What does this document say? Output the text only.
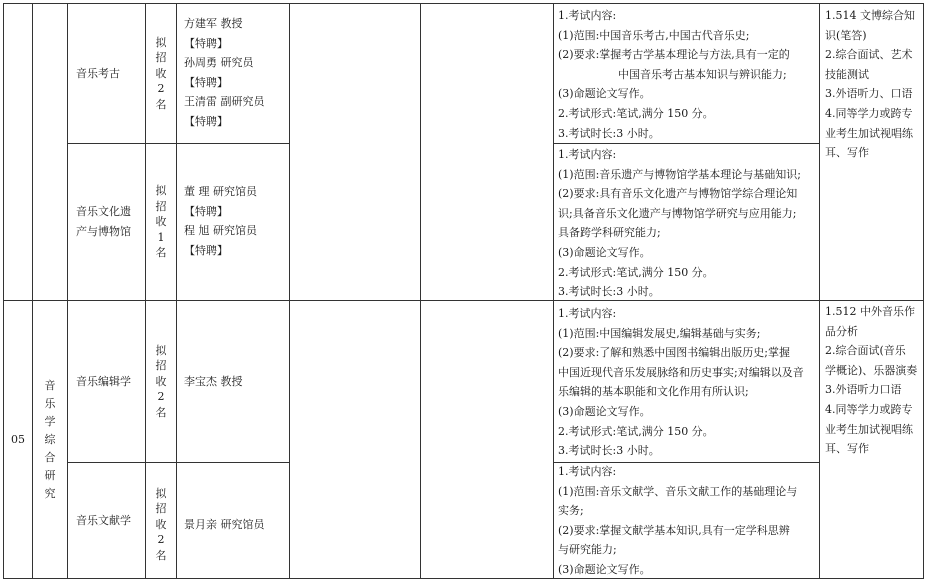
音乐考古
拟
招
收
2
名
方建军 教授
【特聘】
孙周勇 研究员
【特聘】
王清雷 副研究员
【特聘】
1.考试内容:
(1)范围:中国音乐考古,中国古代音乐史;
(2)要求:掌握考古学基本理论与方法,具有一定的
中国音乐考古基本知识与辨识能力;
(3)命题论文写作。
2.考试形式:笔试,满分 150 分。
3.考试时长:3 小时。
音乐文化遗产与博物馆
拟
招
收
1
名
董 理 研究馆员
【特聘】
程 旭 研究馆员
【特聘】
1.考试内容:
(1)范围:音乐遗产与博物馆学基本理论与基础知识;
(2)要求:具有音乐文化遗产与博物馆学综合理论知
识;具备音乐文化遗产与博物馆学研究与应用能力;
具备跨学科研究能力;
(3)命题论文写作。
2.考试形式:笔试,满分 150 分。
3.考试时长:3 小时。
1.514 文博综合知
识(笔答)
2.综合面试、艺术
技能测试
3.外语听力、口语
4.同等学力或跨专
业考生加试视唱练
耳、写作
05
音
乐
学
综
合
研
究
音乐编辑学
拟
招
收
2
名
李宝杰 教授
1.考试内容:
(1)范围:中国编辑发展史,编辑基础与实务;
(2)要求:了解和熟悉中国图书编辑出版历史;掌握
中国近现代音乐发展脉络和历史事实;对编辑以及音
乐编辑的基本职能和文化作用有所认识;
(3)命题论文写作。
2.考试形式:笔试,满分 150 分。
3.考试时长:3 小时。
1.512 中外音乐作
品分析
2.综合面试(音乐
学概论)、乐器演奏
3.外语听力口语
4.同等学力或跨专
业考生加试视唱练
耳、写作
音乐文献学
拟
招
收
2
名
景月亲 研究馆员
1.考试内容:
(1)范围:音乐文献学、音乐文献工作的基础理论与
实务;
(2)要求:掌握文献学基本知识,具有一定学科思辨
与研究能力;
(3)命题论文写作。
